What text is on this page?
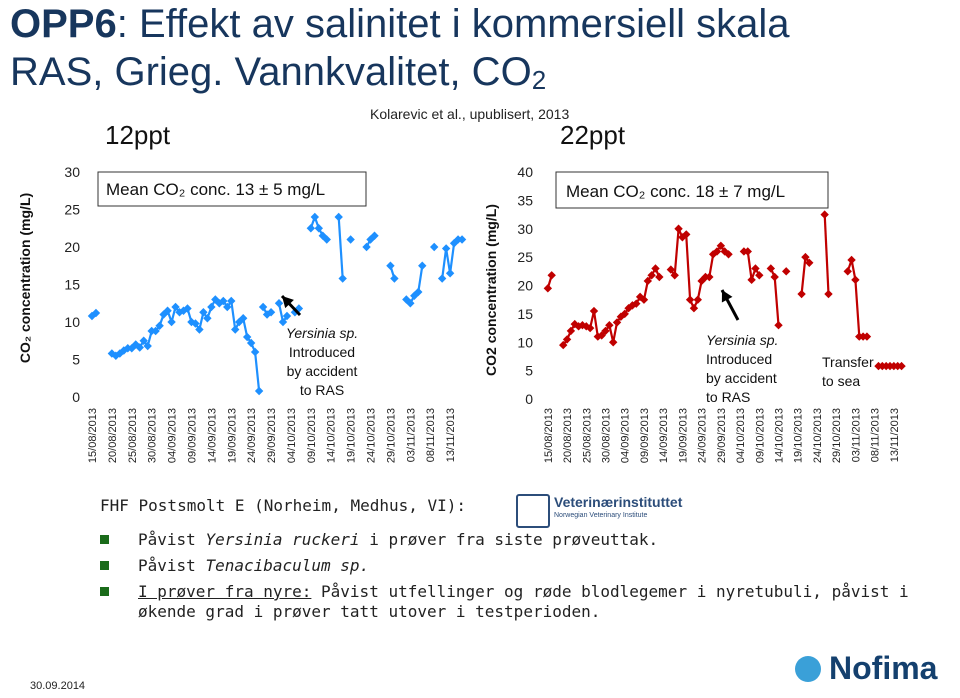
OPP6: Effekt av salinitet i kommersiell skala
RAS, Grieg. Vannkvalitet, $CO_2$
Kolarevic et al., upublisert, 2013
12ppt	22ppt
0
5
10
15
20
25
30
CO₂ concentration (mg/L)
15/08/2013 20/08/2013 25/08/2013 30/08/2013 04/09/2013 09/09/2013 14/09/2013 19/09/2013 24/09/2013 29/09/2013 04/10/2013 09/10/2013 14/10/2013 19/10/2013 24/10/2013 29/10/2013 03/11/2013 08/11/2013 13/11/2013
Mean CO₂ conc. 13 ± 5 mg/L
Yersinia sp.
Introduced
by accident
to RAS
0
5
10
15
20
25
30
35
40
CO2 concentration (mg/L)
15/08/2013 20/08/2013 25/08/2013 30/08/2013 04/09/2013 09/09/2013 14/09/2013 19/09/2013 24/09/2013 29/09/2013 04/10/2013 09/10/2013 14/10/2013 19/10/2013 24/10/2013 29/10/2013 03/11/2013 08/11/2013 13/11/2013
Mean CO₂ conc. 18 ± 7 mg/L
Yersinia sp.
Introduced
by accident
to RAS
Transfer
to sea
FHF Postsmolt E (Norheim, Medhus, VI):	Veterinærinstituttet
Norwegian Veterinary Institute
Påvist Yersinia ruckeri i prøver fra siste prøveuttak.
Påvist Tenacibaculum sp.
I prøver fra nyre: Påvist utfellinger og røde blodlegemer i nyretubuli, påvist i økende grad i prøver tatt utover i testperioden.
30.09.2014	Nofima
